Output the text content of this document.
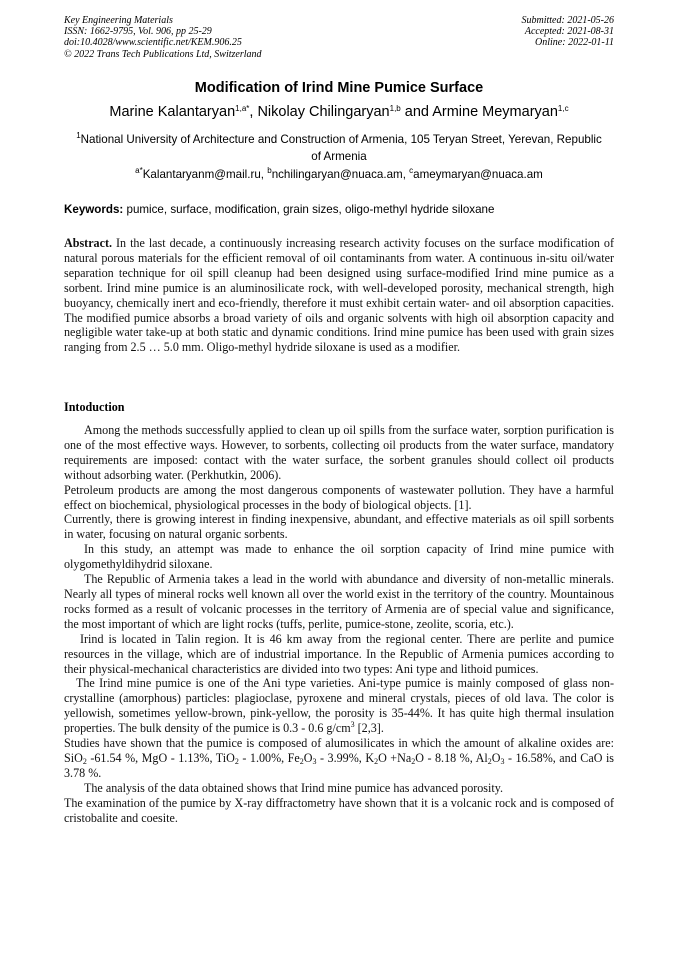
Key Engineering Materials
ISSN: 1662-9795, Vol. 906, pp 25-29
doi:10.4028/www.scientific.net/KEM.906.25
© 2022 Trans Tech Publications Ltd, Switzerland
Submitted: 2021-05-26
Accepted: 2021-08-31
Online: 2022-01-11
Modification of Irind Mine Pumice Surface
Marine Kalantaryan$^{1,a*}$, Nikolay Chilingaryan$^{1,b}$ and Armine Meymaryan$^{1,c}$
$^1$National University of Architecture and Construction of Armenia, 105 Teryan Street, Yerevan, Republic of Armenia
$^{a*}$Kalantaryanm@mail.ru, $^b$nchilingaryan@nuaca.am, $^c$ameymaryan@nuaca.am
Keywords: pumice, surface, modification, grain sizes, oligo-methyl hydride siloxane

Abstract. In the last decade, a continuously increasing research activity focuses on the surface modification of natural porous materials for the efficient removal of oil contaminants from water. A continuous in-situ oil/water separation technique for oil spill cleanup had been designed using surface-modified Irind mine pumice as a sorbent. Irind mine pumice is an aluminosilicate rock, with well-developed porosity, mechanical strength, high buoyancy, chemically inert and eco-friendly, therefore it must exhibit certain water- and oil absorption capacities. The modified pumice absorbs a broad variety of oils and organic solvents with high oil absorption capacity and negligible water take-up at both static and dynamic conditions. Irind mine pumice has been used with grain sizes ranging from 2.5 … 5.0 mm. Oligo-methyl hydride siloxane is used as a modifier.

Intoduction

Among the methods successfully applied to clean up oil spills from the surface water, sorption purification is one of the most effective ways. However, to sorbents, collecting oil products from the water surface, mandatory requirements are imposed: contact with the water surface, the sorbent granules should collect oil products without adsorbing water. (Perkhutkin, 2006).

Petroleum products are among the most dangerous components of wastewater pollution. They have a harmful effect on biochemical, physiological processes in the body of biological objects. [1].

Currently, there is growing interest in finding inexpensive, abundant, and effective materials as oil spill sorbents in water, focusing on natural organic sorbents.

In this study, an attempt was made to enhance the oil sorption capacity of Irind mine pumice with olygomethyldihydrid siloxane.

The Republic of Armenia takes a lead in the world with abundance and diversity of non-metallic minerals. Nearly all types of mineral rocks well known all over the world exist in the territory of the country. Mountainous rocks formed as a result of volcanic processes in the territory of Armenia are of special value and significance, the most important of which are light rocks (tuffs, perlite, pumice-stone, zeolite, scoria, etc.).

Irind is located in Talin region. It is 46 km away from the regional center. There are perlite and pumice resources in the village, which are of industrial importance. In the Republic of Armenia pumices according to their physical-mechanical characteristics are divided into two types: Ani type and lithoid pumices.

The Irind mine pumice is one of the Ani type varieties. Ani-type pumice is mainly composed of glass non-crystalline (amorphous) particles: plagioclase, pyroxene and mineral crystals, pieces of old lava. The color is yellowish, sometimes yellow-brown, pink-yellow, the porosity is 35-44%. It has quite high thermal insulation properties. The bulk density of the pumice is 0.3 - 0.6 $g/cm^3$ [2,3].

Studies have shown that the pumice is composed of alumosilicates in which the amount of alkaline oxides are: SiO$_2$ -61.54 %, MgO - 1.13%, TiO$_2$ - 1.00%, $Fe_2O_3 - 3.99\%$, $K_2O +Na_2O - 8.18$ %, $Al_2O_3 - 16.58\%$, and CaO is 3.78 %.

The analysis of the data obtained shows that Irind mine pumice has advanced porosity.

The examination of the pumice by X-ray diffractometry have shown that it is a volcanic rock and is composed of cristobalite and coesite.
